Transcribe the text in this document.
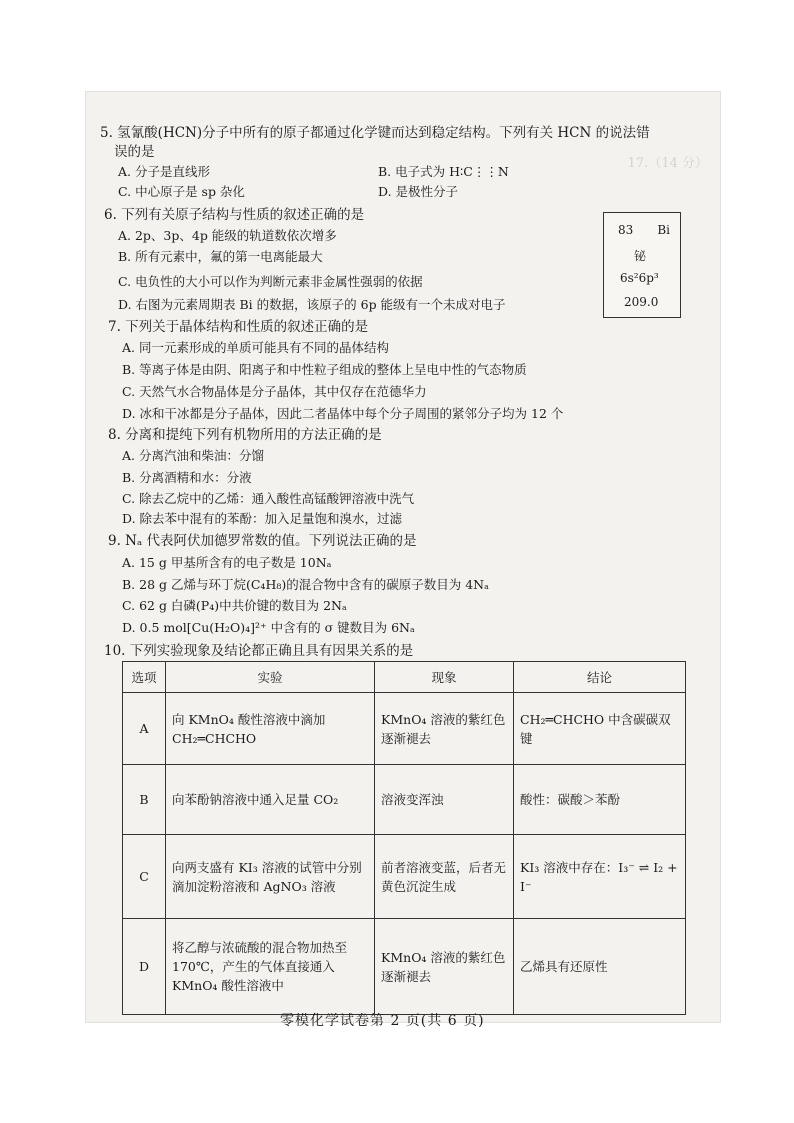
17.（14 分）
5. 氢氰酸(HCN)分子中所有的原子都通过化学键而达到稳定结构。下列有关 HCN 的说法错
误的是
A. 分子是直线形	B. 电子式为 H∶C⋮⋮N
C. 中心原子是 sp 杂化	D. 是极性分子
6. 下列有关原子结构与性质的叙述正确的是
A. 2p、3p、4p 能级的轨道数依次增多
B. 所有元素中，氟的第一电离能最大
C. 电负性的大小可以作为判断元素非金属性强弱的依据
D. 右图为元素周期表 Bi 的数据，该原子的 6p 能级有一个未成对电子
83 Bi
铋
6s²6p³
209.0
7. 下列关于晶体结构和性质的叙述正确的是
A. 同一元素形成的单质可能具有不同的晶体结构
B. 等离子体是由阴、阳离子和中性粒子组成的整体上呈电中性的气态物质
C. 天然气水合物晶体是分子晶体，其中仅存在范德华力
D. 冰和干冰都是分子晶体，因此二者晶体中每个分子周围的紧邻分子均为 12 个
8. 分离和提纯下列有机物所用的方法正确的是
A. 分离汽油和柴油：分馏
B. 分离酒精和水：分液
C. 除去乙烷中的乙烯：通入酸性高锰酸钾溶液中洗气
D. 除去苯中混有的苯酚：加入足量饱和溴水，过滤
9. Nₐ 代表阿伏加德罗常数的值。下列说法正确的是
A. 15 g 甲基所含有的电子数是 10Nₐ
B. 28 g 乙烯与环丁烷(C₄H₈)的混合物中含有的碳原子数目为 4Nₐ
C. 62 g 白磷(P₄)中共价键的数目为 2Nₐ
D. 0.5 mol[Cu(H₂O)₄]²⁺ 中含有的 σ 键数目为 6Nₐ
10. 下列实验现象及结论都正确且具有因果关系的是
选项	实验	现象	结论
A	向 KMnO₄ 酸性溶液中滴加 CH₂═CHCHO	KMnO₄ 溶液的紫红色逐渐褪去	CH₂═CHCHO 中含碳碳双键
B	向苯酚钠溶液中通入足量 CO₂	溶液变浑浊	酸性：碳酸＞苯酚
C	向两支盛有 KI₃ 溶液的试管中分别滴加淀粉溶液和 AgNO₃ 溶液	前者溶液变蓝，后者无黄色沉淀生成	KI₃ 溶液中存在：I₃⁻ ⇌ I₂ + I⁻
D	将乙醇与浓硫酸的混合物加热至 170℃，产生的气体直接通入 KMnO₄ 酸性溶液中	KMnO₄ 溶液的紫红色逐渐褪去	乙烯具有还原性
零模化学试卷第 2 页(共 6 页)
